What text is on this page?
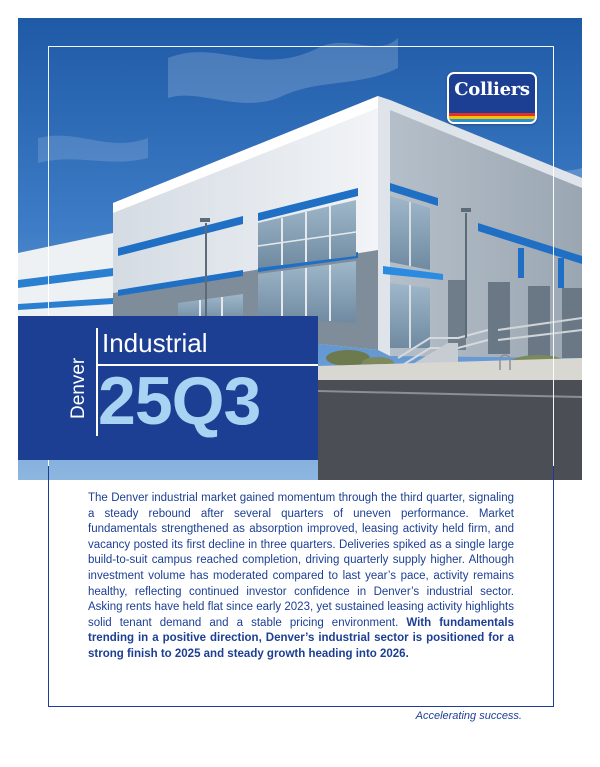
Colliers
Denver
Industrial
25Q3

The Denver industrial market gained momentum through the third quarter, signaling a steady rebound after several quarters of uneven performance. Market fundamentals strengthened as absorption improved, leasing activity held firm, and vacancy posted its first decline in three quarters. Deliveries spiked as a single large build-to-suit campus reached completion, driving quarterly supply higher. Although investment volume has moderated compared to last year’s pace, activity remains healthy, reflecting continued investor confidence in Denver’s industrial sector. Asking rents have held flat since early 2023, yet sustained leasing activity highlights solid tenant demand and a stable pricing environment. With fundamentals trending in a positive direction, Denver’s industrial sector is positioned for a strong finish to 2025 and steady growth heading into 2026.

Accelerating success.
